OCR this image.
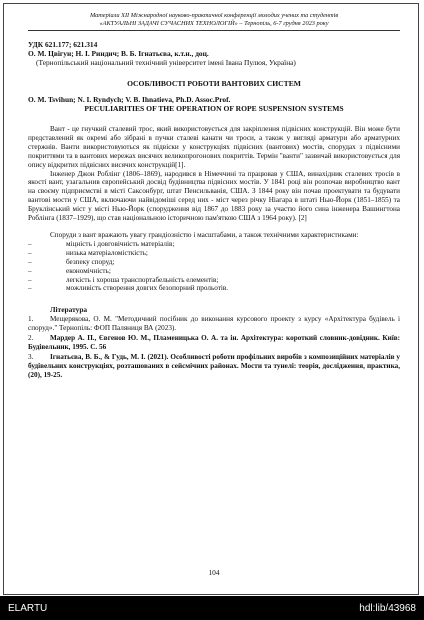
Матеріали XII Міжнародної науково-практичної конференції молодих учених та студентів
«АКТУАЛЬНІ ЗАДАЧІ СУЧАСНИХ ТЕХНОЛОГІЙ» – Тернопіль, 6-7 грудня 2023 року
УДК 621.177; 621.314
О. М. Цвігун; Н. І. Риндич; В. Б. Ігнатьєва, к.т.н., доц.
(Тернопільський національний технічний університет імені Івана Пулюя, Україна)
ОСОБЛИВОСТІ РОБОТИ ВАНТОВИХ СИСТЕМ
O. M. Tsvihun; N. I. Ryndych; V. B. Ihnatieva, Ph.D. Assoc.Prof.
PECULIARITIES OF THE OPERATION OF ROPE SUSPENSION SYSTEMS

Вант - це гнучкий сталевий трос, який використовується для закріплення підвісних конструкцій. Він може бути представлений як окремі або зібрані в пучки сталеві канати чи троси, а також у вигляді арматури або арматурних стержнів. Ванти використовуються як підвіски у конструкціях підвісних (вантових) мостів, спорудах з підвісними покриттями та в вантових мережах висячих великопрогонових покриттів. Термін "ванти" зазвичай використовується для опису відкритих підвісних висячих конструкцій[1].

Інженер Джон Роблінг (1806–1869), народився в Німеччині та працював у США, винахідник сталевих тросів в якості вант, узагальнив європейський досвід будівництва підвісних мостів. У 1841 році він розпочав виробництво вант на своєму підприємстві в місті Саксонбург, штат Пенсильванія, США. З 1844 року він почав проектувати та будувати вантові мости у США, включаючи найвідоміші серед них - міст через річку Ніагара в штаті Нью-Йорк (1851–1855) та Бруклінський міст у місті Нью-Йорк (спорудження від 1867 до 1883 року за участю його сина інженера Вашингтона Роблінга (1837–1929), що став національною історичною пам'яткою США з 1964 року). [2]

Споруди з вант вражають увагу грандіозністю і масштабами, а також технічними характеристиками:

–	міцність і довговічність матеріалів;
–	низька матеріаломісткість;
–	безпеку споруд;
–	економічність;
–	легкість і хороша транспортабельність елементів;
–	можливість створення довгих безопорний прольотів.
Література
1. Мещерякова, О. М. "Методичний посібник до виконання курсового проекту з курсу «Архітектура будівель і споруд»." Тернопіль: ФОП Паляниця ВА (2023).
2. Мардер А. П., Євгенов Ю. М., Пламеницька О. А. та ін. Архітектура: короткий словник-довідник. Київ: Будівельник, 1995. С. 56
3. Ігнатьєва, В. Б., & Гудь, М. І. (2021). Особливості роботи профільних виробів з композиційних матеріалів у будівельних конструкціях, розташованих в сейсмічних районах. Мости та тунелі: теорія, дослідження, практика, (20), 19-25.
104
ELARTU	hdl:lib/43968
